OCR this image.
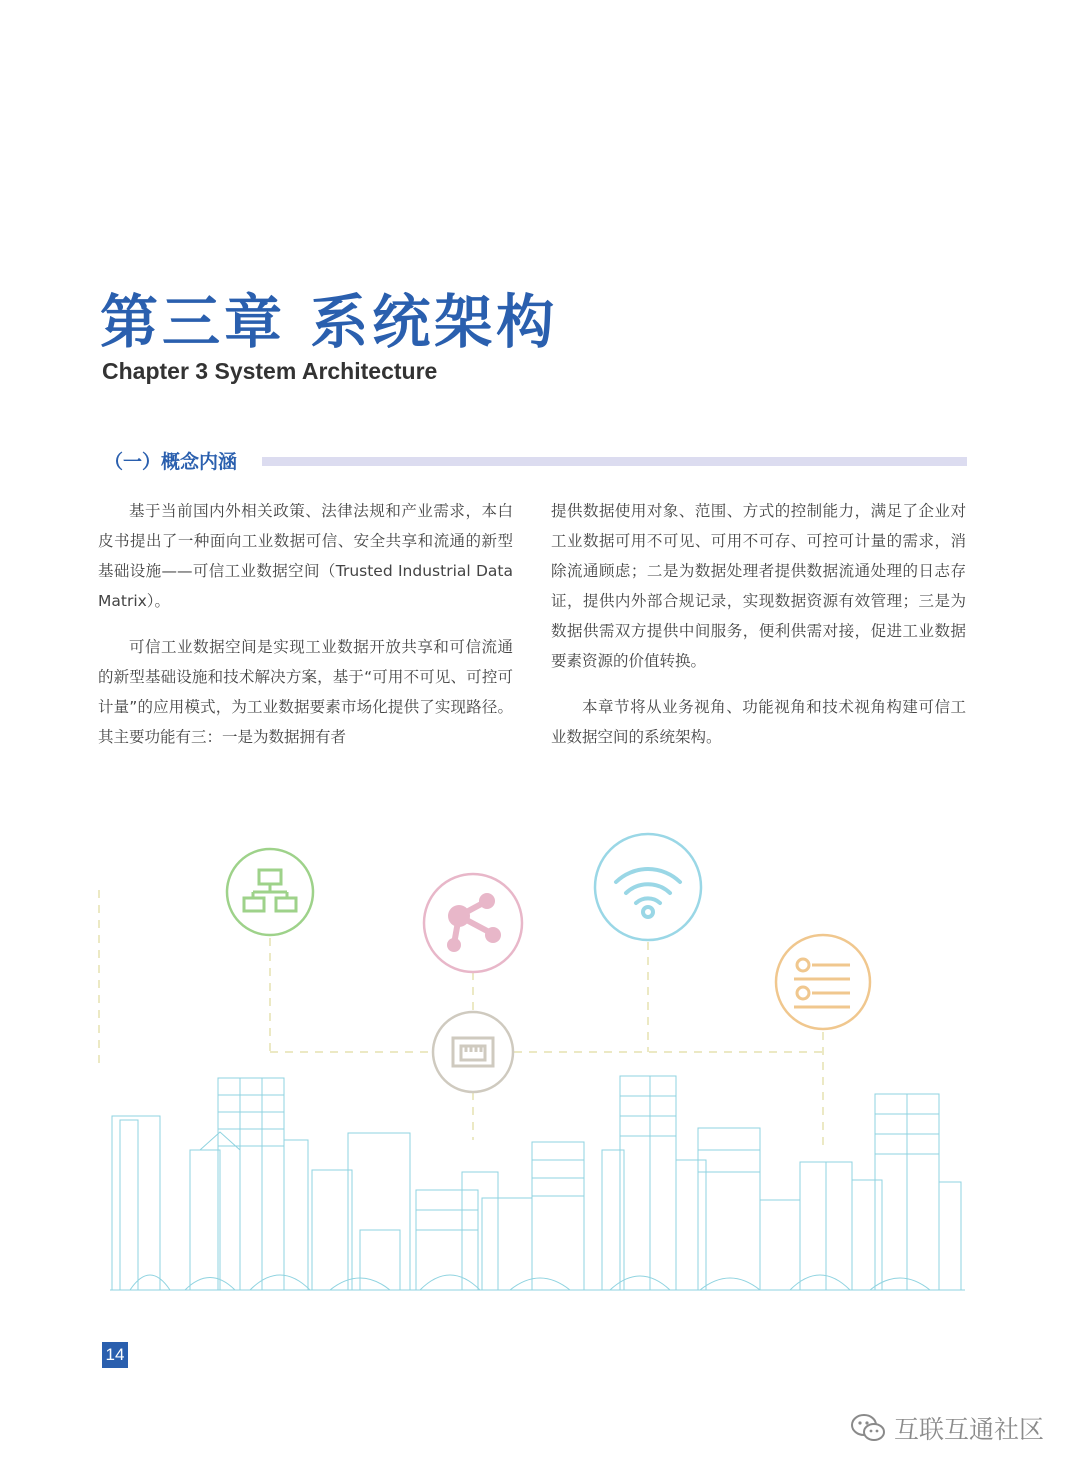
第三章 系统架构
Chapter 3 System Architecture
（一）概念内涵

基于当前国内外相关政策、法律法规和产业需求，本白皮书提出了一种面向工业数据可信、安全共享和流通的新型基础设施——可信工业数据空间（Trusted Industrial Data Matrix）。

可信工业数据空间是实现工业数据开放共享和可信流通的新型基础设施和技术解决方案，基于“可用不可见、可控可计量”的应用模式，为工业数据要素市场化提供了实现路径。其主要功能有三：一是为数据拥有者

提供数据使用对象、范围、方式的控制能力，满足了企业对工业数据可用不可见、可用不可存、可控可计量的需求，消除流通顾虑；二是为数据处理者提供数据流通处理的日志存证，提供内外部合规记录，实现数据资源有效管理；三是为数据供需双方提供中间服务，便利供需对接，促进工业数据要素资源的价值转换。

本章节将从业务视角、功能视角和技术视角构建可信工业数据空间的系统架构。

14
互联互通社区
